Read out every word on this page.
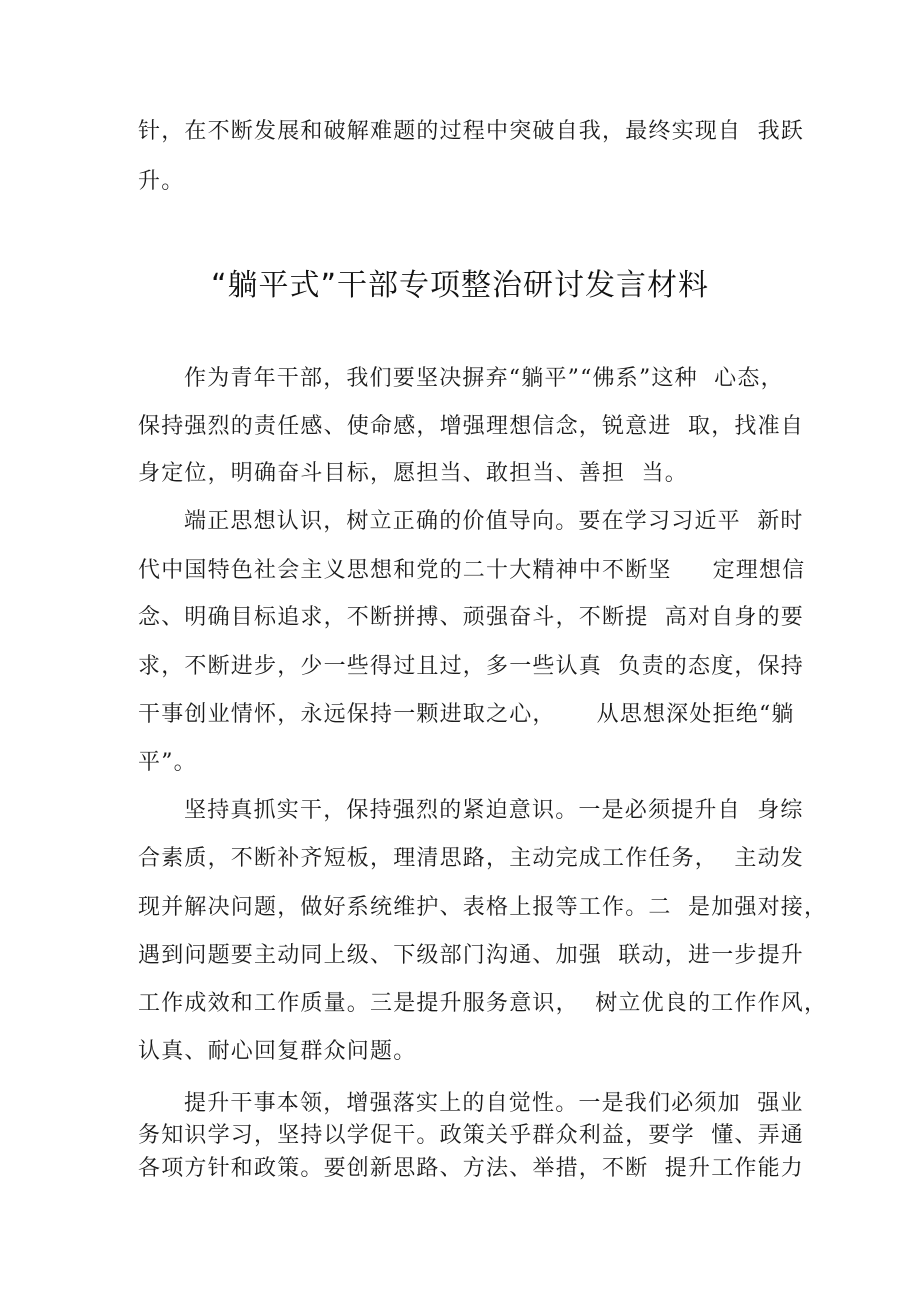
针，在不断发展和破解难题的过程中突破自我，最终实现自  我跃
升。
“躺平式”干部专项整治研讨发言材料
作为青年干部，我们要坚决摒弃“躺平”“佛系”这种  心态，
保持强烈的责任感、使命感，增强理想信念，锐意进  取，找准自
身定位，明确奋斗目标，愿担当、敢担当、善担  当。
端正思想认识，树立正确的价值导向。要在学习习近平  新时
代中国特色社会主义思想和党的二十大精神中不断坚     定理想信
念、明确目标追求，不断拼搏、顽强奋斗，不断提  高对自身的要
求，不断进步，少一些得过且过，多一些认真  负责的态度，保持
干事创业情怀，永远保持一颗进取之心，     从思想深处拒绝“躺
平”。
坚持真抓实干，保持强烈的紧迫意识。一是必须提升自  身综
合素质，不断补齐短板，理清思路，主动完成工作任务，  主动发
现并解决问题，做好系统维护、表格上报等工作。二  是加强对接，
遇到问题要主动同上级、下级部门沟通、加强  联动，进一步提升
工作成效和工作质量。三是提升服务意识，  树立优良的工作作风，
认真、耐心回复群众问题。
提升干事本领，增强落实上的自觉性。一是我们必须加  强业
务知识学习，坚持以学促干。政策关乎群众利益，要学  懂、弄通
各项方针和政策。要创新思路、方法、举措，不断  提升工作能力
